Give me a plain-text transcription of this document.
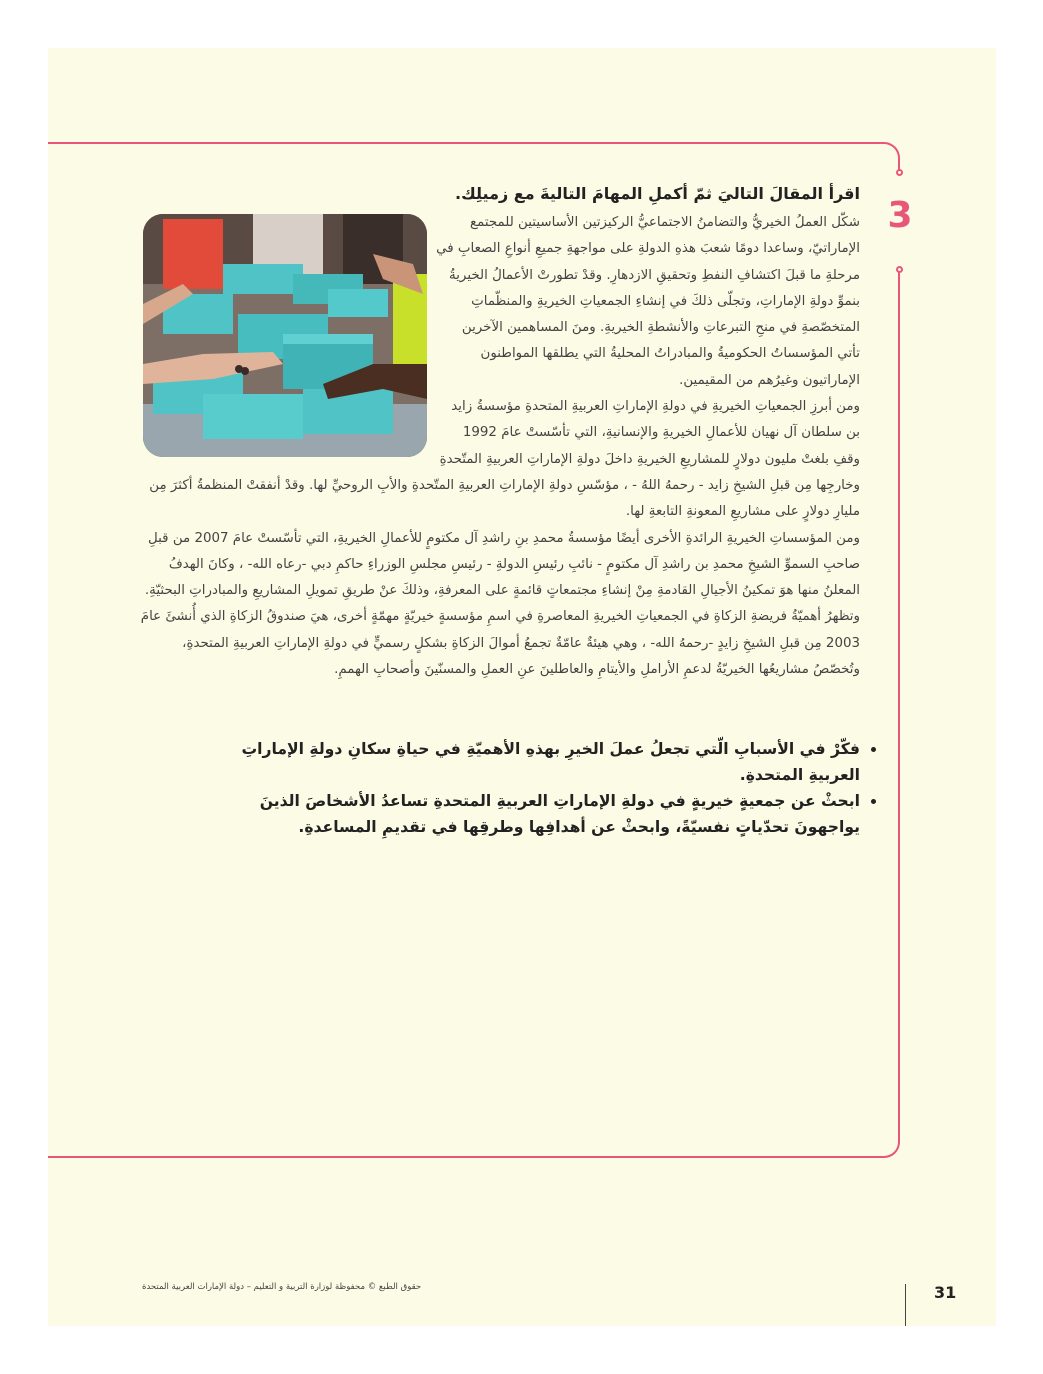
3
اقرأ المقالَ التاليَ ثمّ أكملِ المهامَ التاليةَ مع زميلِك.

شكّل العملُ الخيريُّ والتضامنُ الاجتماعيُّ الركيزتين الأساسيتين للمجتمع الإماراتيّ، وساعدا دومًا شعبَ هذهِ الدولةِ على مواجهةِ جميعِ أنواعِ الصعابِ في مرحلةِ ما قبلَ اكتشافِ النفطِ وتحقيقِ الازدهارِ. وقدْ تطورتْ الأعمالُ الخيريةُ بنموِّ دولةِ الإماراتِ، وتجلّى ذلكَ في إنشاءِ الجمعياتِ الخيريةِ والمنظّماتِ المتخصّصةِ في منحِ التبرعاتِ والأنشطةِ الخيريةِ. ومنَ المساهمين الآخرين تأتي المؤسساتُ الحكوميةُ والمبادراتُ المحليةُ التي يطلقها المواطنون الإماراتيون وغيرُهم من المقيمين.

ومن أبرزِ الجمعياتِ الخيريةِ في دولةِ الإماراتِ العربيةِ المتحدةِ مؤسسةُ زايد بن سلطان آل نهيان للأعمالِ الخيريةِ والإنسانيةِ، التي تأسّستْ عامَ 1992 وقفِ بلغتْ مليون دولارٍ للمشاريعِ الخيريةِ داخلَ دولةِ الإماراتِ العربيةِ المتّحدةِ وخارجِها مِن قبلِ الشيخِ زايد - رحمهُ اللهُ - ، مؤسّسِ دولةِ الإماراتِ العربيةِ المتّحدةِ والأبِ الروحيِّ لها. وقدْ أنفقتْ المنظمةُ أكثرَ مِن مليارِ دولارٍ على مشاريعِ المعونةِ التابعةِ لها.

ومن المؤسساتِ الخيريةِ الرائدةِ الأخرى أيضًا مؤسسةُ محمدِ بنِ راشدِ آل مكتومٍ للأعمالِ الخيريةِ، التي تأسّستْ عامَ 2007 من قبلِ صاحبِ السموِّ الشيخِ محمدِ بن راشدِ آل مكتومٍ - نائبِ رئيسِ الدولةِ - رئيسِ مجلسِ الوزراءِ حاكمِ دبي -رعاه الله- ، وكانَ الهدفُ المعلنُ منها هوَ تمكينُ الأجيالِ القادمةِ مِنْ إنشاءِ مجتمعاتٍ قائمةٍ على المعرفةِ، وذلكَ عنْ طريقِ تمويلِ المشاريعِ والمبادراتِ البحثيّةِ.

وتظهرُ أهميّةُ فريضةِ الزكاةِ في الجمعياتِ الخيريةِ المعاصرةِ في اسمِ مؤسسةٍ خيريّةٍ مهمّةٍ أخرى، هيَ صندوقُ الزكاةِ الذي أُنشئَ عامَ 2003 مِن قبلِ الشيخِ زايدٍ -رحمهُ الله- ، وهي هيئةٌ عامّةٌ تجمعُ أموالَ الزكاةِ بشكلٍ رسميٍّ في دولةِ الإماراتِ العربيةِ المتحدةِ، وتُخصّصُ مشاريعُها الخيريّةُ لدعمِ الأراملِ والأيتامِ والعاطلينَ عنِ العملِ والمسنّينَ وأصحابِ الهممِ.

• فكّرْ في الأسبابِ الّتي تجعلُ عملَ الخيرِ بهذهِ الأهميّةِ في حياةِ سكانِ دولةِ الإماراتِ العربيةِ المتحدةِ.
• ابحثْ عن جمعيةٍ خيريةٍ في دولةِ الإماراتِ العربيةِ المتحدةِ تساعدُ الأشخاصَ الذينَ يواجهونَ تحدّياتٍ نفسيّةً، وابحثْ عن أهدافِها وطرقِها في تقديمِ المساعدةِ.
حقوق الطبع © محفوظة لوزارة التربية و التعليم – دولة الإمارات العربية المتحدة	31
